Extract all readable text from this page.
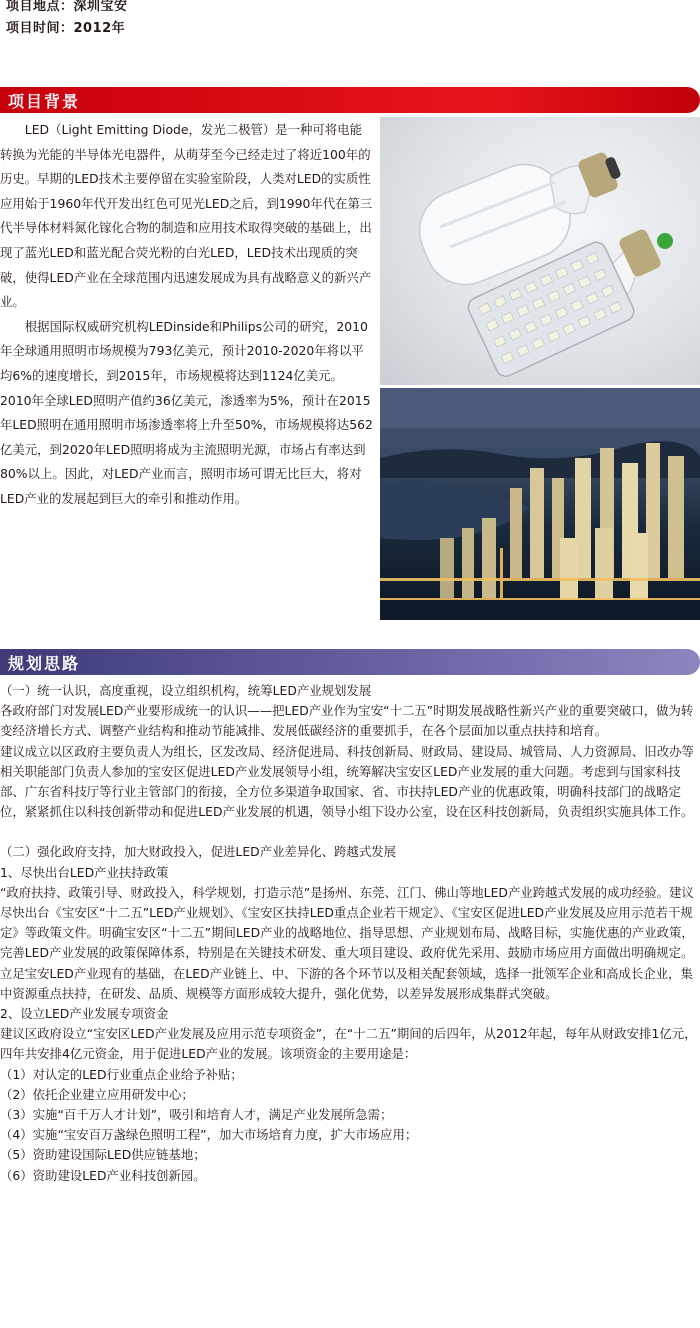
项目地点：深圳宝安
项目时间：2012年
项目背景

LED（Light Emitting Diode，发光二极管）是一种可将电能转换为光能的半导体光电器件，从萌芽至今已经走过了将近100年的历史。早期的LED技术主要停留在实验室阶段，人类对LED的实质性应用始于1960年代开发出红色可见光LED之后，到1990年代在第三代半导体材料氮化镓化合物的制造和应用技术取得突破的基础上，出现了蓝光LED和蓝光配合荧光粉的白光LED，LED技术出现质的突破，使得LED产业在全球范围内迅速发展成为具有战略意义的新兴产业。

根据国际权威研究机构LEDinside和Philips公司的研究，2010年全球通用照明市场规模为793亿美元，预计2010-2020年将以平均6%的速度增长，到2015年，市场规模将达到1124亿美元。2010年全球LED照明产值约36亿美元，渗透率为5%，预计在2015年LED照明在通用照明市场渗透率将上升至50%，市场规模将达562亿美元，到2020年LED照明将成为主流照明光源，市场占有率达到80%以上。因此，对LED产业而言，照明市场可谓无比巨大，将对LED产业的发展起到巨大的牵引和推动作用。

规划思路

（一）统一认识，高度重视，设立组织机构，统筹LED产业规划发展

各政府部门对发展LED产业要形成统一的认识——把LED产业作为宝安“十二五”时期发展战略性新兴产业的重要突破口，做为转变经济增长方式、调整产业结构和推动节能减排、发展低碳经济的重要抓手，在各个层面加以重点扶持和培育。

建议成立以区政府主要负责人为组长，区发改局、经济促进局、科技创新局、财政局、建设局、城管局、人力资源局、旧改办等相关职能部门负责人参加的宝安区促进LED产业发展领导小组，统筹解决宝安区LED产业发展的重大问题。考虑到与国家科技部、广东省科技厅等行业主管部门的衔接，全方位多渠道争取国家、省、市扶持LED产业的优惠政策，明确科技部门的战略定位，紧紧抓住以科技创新带动和促进LED产业发展的机遇，领导小组下设办公室，设在区科技创新局，负责组织实施具体工作。

（二）强化政府支持，加大财政投入，促进LED产业差异化、跨越式发展

1、尽快出台LED产业扶持政策

“政府扶持、政策引导、财政投入，科学规划，打造示范”是扬州、东莞、江门、佛山等地LED产业跨越式发展的成功经验。建议尽快出台《宝安区“十二五”LED产业规划》、《宝安区扶持LED重点企业若干规定》、《宝安区促进LED产业发展及应用示范若干规定》等政策文件。明确宝安区“十二五”期间LED产业的战略地位、指导思想、产业规划布局、战略目标，实施优惠的产业政策，完善LED产业发展的政策保障体系，特别是在关键技术研发、重大项目建设、政府优先采用、鼓励市场应用方面做出明确规定。

立足宝安LED产业现有的基础，在LED产业链上、中、下游的各个环节以及相关配套领域，选择一批领军企业和高成长企业，集中资源重点扶持，在研发、品质、规模等方面形成较大提升，强化优势，以差异发展形成集群式突破。

2、设立LED产业发展专项资金

建议区政府设立“宝安区LED产业发展及应用示范专项资金”，在“十二五”期间的后四年，从2012年起，每年从财政安排1亿元，四年共安排4亿元资金，用于促进LED产业的发展。该项资金的主要用途是：

（1）对认定的LED行业重点企业给予补贴；

（2）依托企业建立应用研发中心；

（3）实施“百千万人才计划”，吸引和培育人才，满足产业发展所急需；

（4）实施“宝安百万盏绿色照明工程”，加大市场培育力度，扩大市场应用；

（5）资助建设国际LED供应链基地；

（6）资助建设LED产业科技创新园。
